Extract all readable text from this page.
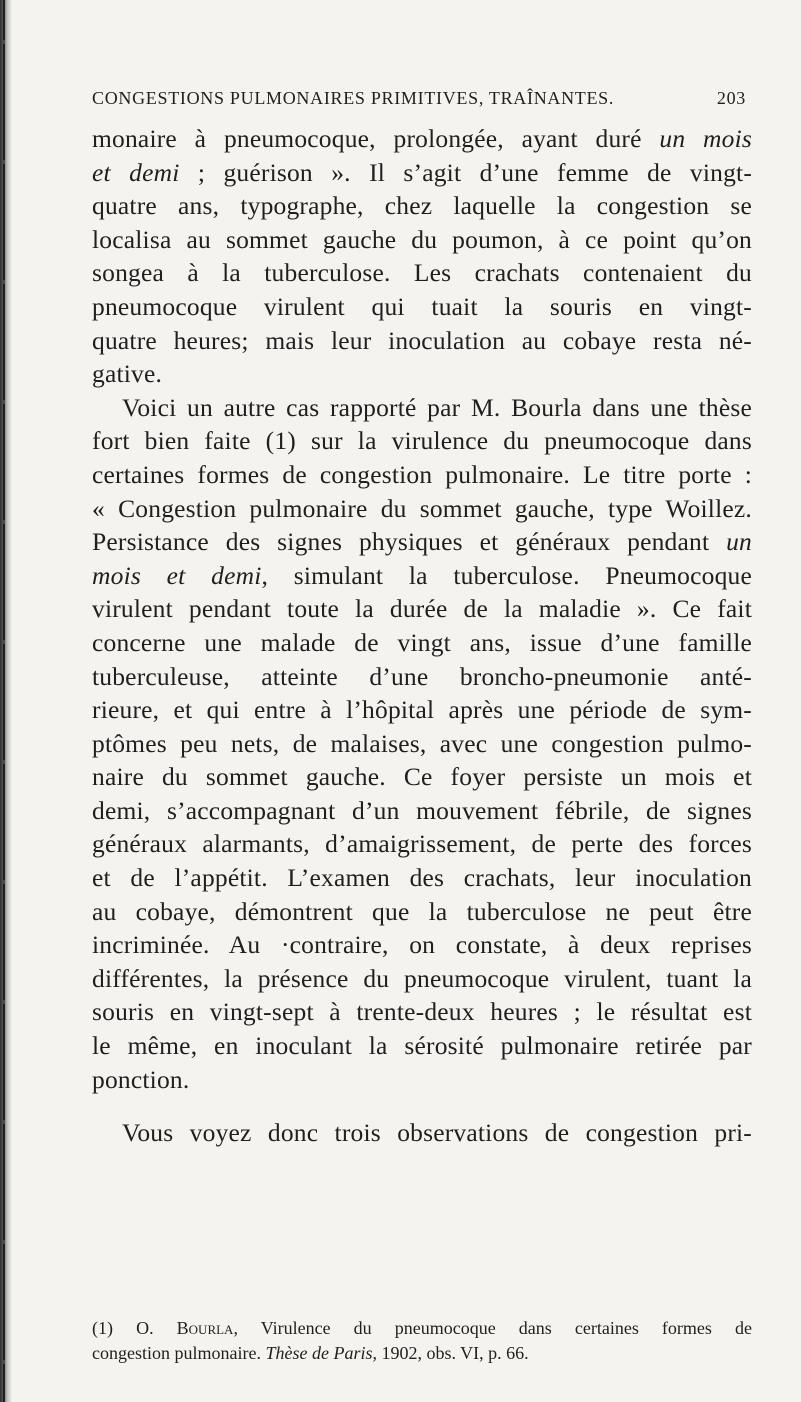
CONGESTIONS PULMONAIRES PRIMITIVES, TRAÎNANTES.	203
monaire à pneumocoque, prolongée, ayant duré un mois
et demi ; guérison ». Il s’agit d’une femme de vingt-
quatre ans, typographe, chez laquelle la congestion se
localisa au sommet gauche du poumon, à ce point qu’on
songea à la tuberculose. Les crachats contenaient du
pneumocoque virulent qui tuait la souris en vingt-
quatre heures; mais leur inoculation au cobaye resta né-
gative.
Voici un autre cas rapporté par M. Bourla dans une thèse
fort bien faite (1) sur la virulence du pneumocoque dans
certaines formes de congestion pulmonaire. Le titre porte :
« Congestion pulmonaire du sommet gauche, type Woillez.
Persistance des signes physiques et généraux pendant un
mois et demi, simulant la tuberculose. Pneumocoque
virulent pendant toute la durée de la maladie ». Ce fait
concerne une malade de vingt ans, issue d’une famille
tuberculeuse, atteinte d’une broncho-pneumonie anté-
rieure, et qui entre à l’hôpital après une période de sym-
ptômes peu nets, de malaises, avec une congestion pulmo-
naire du sommet gauche. Ce foyer persiste un mois et
demi, s’accompagnant d’un mouvement fébrile, de signes
généraux alarmants, d’amaigrissement, de perte des forces
et de l’appétit. L’examen des crachats, leur inoculation
au cobaye, démontrent que la tuberculose ne peut être
incriminée. Au ·contraire, on constate, à deux reprises
différentes, la présence du pneumocoque virulent, tuant la
souris en vingt-sept à trente-deux heures ; le résultat est
le même, en inoculant la sérosité pulmonaire retirée par
ponction.
Vous voyez donc trois observations de congestion pri-
(1) O. Bourla, Virulence du pneumocoque dans certaines formes de
congestion pulmonaire. Thèse de Paris, 1902, obs. VI, p. 66.
